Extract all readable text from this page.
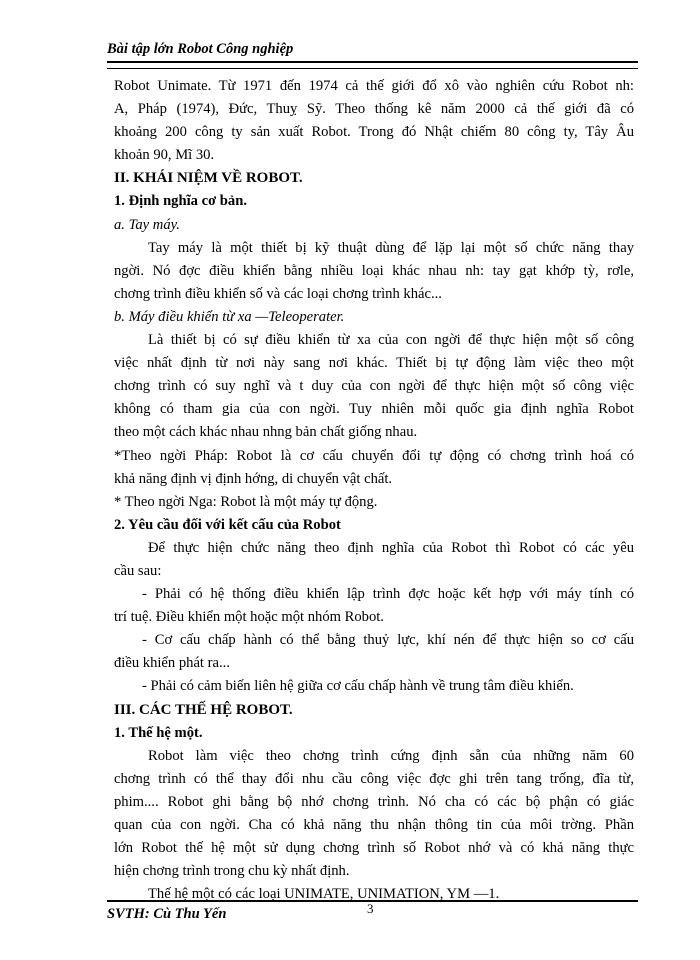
Bài tập lớn Robot Công nghiệp
Robot Unimate. Từ 1971 đến 1974 cả thế giới đổ xô vào nghiên cứu Robot nh:
A, Pháp (1974), Đức, Thuỵ Sỹ. Theo thống kê năm 2000 cả thế giới đã có
khoảng 200 công ty sản xuất Robot. Trong đó Nhật chiếm 80 công ty, Tây Âu
khoản 90, Mĩ 30.
II. KHÁI NIỆM VỀ ROBOT.
1. Định nghĩa cơ bản.
a. Tay máy.
Tay máy là một thiết bị kỹ thuật dùng để lặp lại một số chức năng thay
ngời. Nó đợc điều khiển bằng nhiều loại khác nhau nh: tay gạt khớp tỳ, rơle,
chơng trình điều khiển số và các loại chơng trình khác...
b. Máy điều khiển từ xa —Teleoperater.
Là thiết bị có sự điều khiển từ xa của con ngời để thực hiện một số công
việc nhất định từ nơi này sang nơi khác. Thiết bị tự động làm việc theo một
chơng trình có suy nghĩ và t duy của con ngời để thực hiện một số công việc
không có tham gia của con ngời. Tuy nhiên mỗi quốc gia định nghĩa Robot
theo một cách khác nhau nhng bản chất giống nhau.
*Theo ngời Pháp: Robot là cơ cấu chuyển đổi tự động có chơng trình hoá có
khả năng định vị định hớng, di chuyển vật chất.
* Theo ngời Nga: Robot là một máy tự động.
2. Yêu cầu đối với kết cấu của Robot
Để thực hiện chức năng theo định nghĩa của Robot thì Robot có các yêu
cầu sau:
- Phải có hệ thống điều khiển lập trình đợc hoặc kết hợp với máy tính có
trí tuệ. Điều khiển một hoặc một nhóm Robot.
- Cơ cấu chấp hành có thể bằng thuỷ lực, khí nén để thực hiện so cơ cấu
điều khiển phát ra...
- Phải có cảm biến liên hệ giữa cơ cấu chấp hành về trung tâm điều khiển.
III. CÁC THẾ HỆ ROBOT.
1. Thế hệ một.
Robot làm việc theo chơng trình cứng định sẵn của những năm 60
chơng trình có thể thay đổi nhu cầu công việc đợc ghi trên tang trống, đĩa từ,
phim.... Robot ghi bằng bộ nhớ chơng trình. Nó cha có các bộ phận có giác
quan của con ngời. Cha có khả năng thu nhận thông tin của môi trờng. Phần
lớn Robot thế hệ một sử dụng chơng trình số Robot nhớ và có khả năng thực
hiện chơng trình trong chu kỳ nhất định.
Thế hệ một có các loại UNIMATE, UNIMATION, YM —1.
SVTH: Cù Thu Yến	3
